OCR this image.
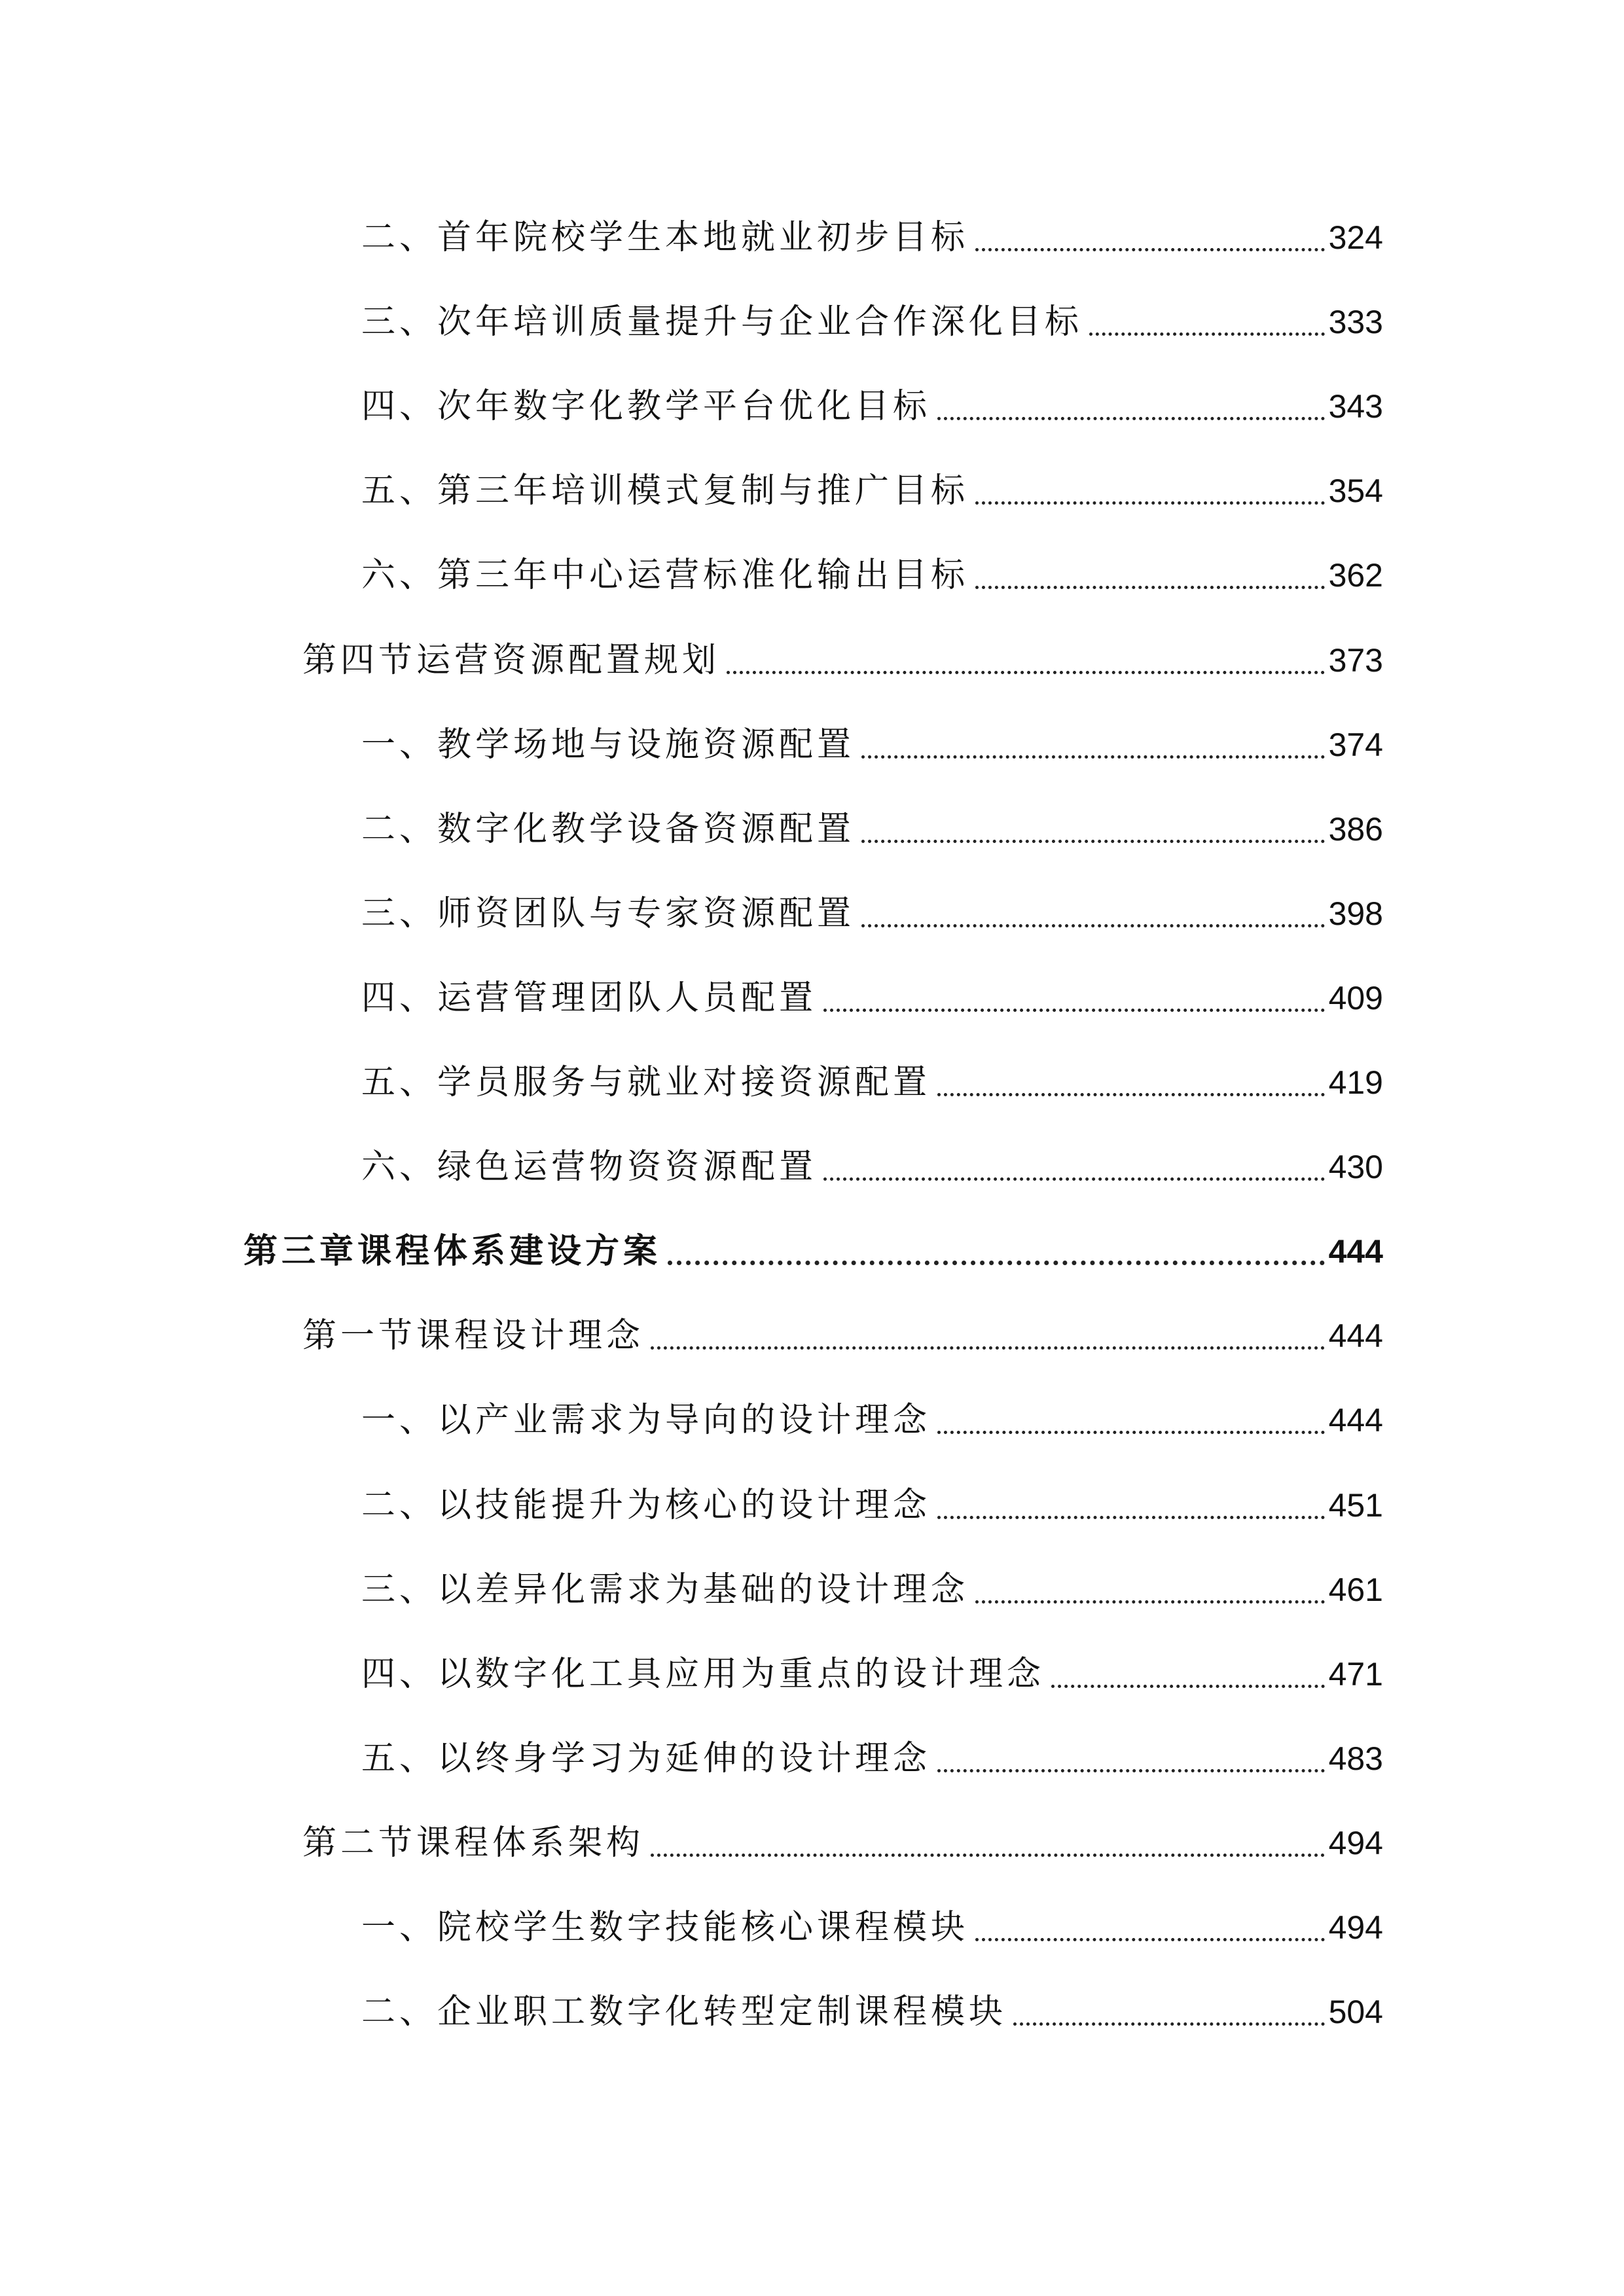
二、首年院校学生本地就业初步目标	324
三、次年培训质量提升与企业合作深化目标	333
四、次年数字化教学平台优化目标	343
五、第三年培训模式复制与推广目标	354
六、第三年中心运营标准化输出目标	362
第四节运营资源配置规划	373
一、教学场地与设施资源配置	374
二、数字化教学设备资源配置	386
三、师资团队与专家资源配置	398
四、运营管理团队人员配置	409
五、学员服务与就业对接资源配置	419
六、绿色运营物资资源配置	430
第三章课程体系建设方案	444
第一节课程设计理念	444
一、以产业需求为导向的设计理念	444
二、以技能提升为核心的设计理念	451
三、以差异化需求为基础的设计理念	461
四、以数字化工具应用为重点的设计理念	471
五、以终身学习为延伸的设计理念	483
第二节课程体系架构	494
一、院校学生数字技能核心课程模块	494
二、企业职工数字化转型定制课程模块	504
